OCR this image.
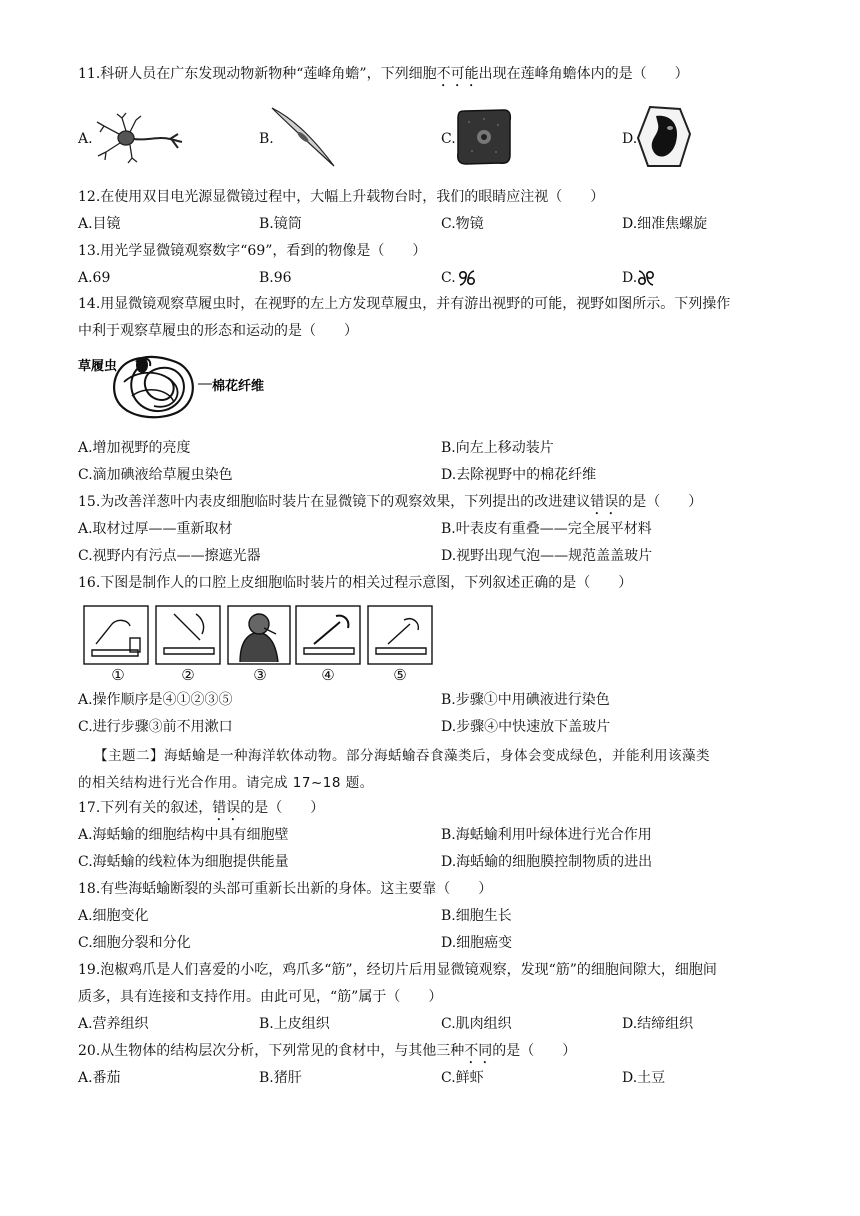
11.科研人员在广东发现动物新物种“莲峰角蟾”，下列细胞不可能出现在莲峰角蟾体内的是（　　）
A.	B.	C.	D.
12.在使用双目电光源显微镜过程中，大幅上升载物台时，我们的眼睛应注视（　　）
A.目镜	B.镜筒	C.物镜	D.细准焦螺旋
13.用光学显微镜观察数字“69”，看到的物像是（　　）
A.69	B.96	C.	D.
14.用显微镜观察草履虫时，在视野的左上方发现草履虫，并有游出视野的可能，视野如图所示。下列操作
中利于观察草履虫的形态和运动的是（　　）
草履虫
棉花纤维
A.增加视野的亮度	B.向左上移动装片
C.滴加碘液给草履虫染色	D.去除视野中的棉花纤维
15.为改善洋葱叶内表皮细胞临时装片在显微镜下的观察效果，下列提出的改进建议错误的是（　　）
A.取材过厚——重新取材	B.叶表皮有重叠——完全展平材料
C.视野内有污点——擦遮光器	D.视野出现气泡——规范盖盖玻片
16.下图是制作人的口腔上皮细胞临时装片的相关过程示意图，下列叙述正确的是（　　）
①	②	③	④	⑤
A.操作顺序是④①②③⑤	B.步骤①中用碘液进行染色
C.进行步骤③前不用漱口	D.步骤④中快速放下盖玻片
【主题二】海蛞蝓是一种海洋软体动物。部分海蛞蝓吞食藻类后，身体会变成绿色，并能利用该藻类
的相关结构进行光合作用。请完成 17~18 题。
17.下列有关的叙述，错误的是（　　）
A.海蛞蝓的细胞结构中具有细胞壁	B.海蛞蝓利用叶绿体进行光合作用
C.海蛞蝓的线粒体为细胞提供能量	D.海蛞蝓的细胞膜控制物质的进出
18.有些海蛞蝓断裂的头部可重新长出新的身体。这主要靠（　　）
A.细胞变化	B.细胞生长
C.细胞分裂和分化	D.细胞癌变
19.泡椒鸡爪是人们喜爱的小吃，鸡爪多“筋”，经切片后用显微镜观察，发现“筋”的细胞间隙大，细胞间
质多，具有连接和支持作用。由此可见，“筋”属于（　　）
A.营养组织	B.上皮组织	C.肌肉组织	D.结缔组织
20.从生物体的结构层次分析，下列常见的食材中，与其他三种不同的是（　　）
A.番茄	B.猪肝	C.鲜虾	D.土豆
